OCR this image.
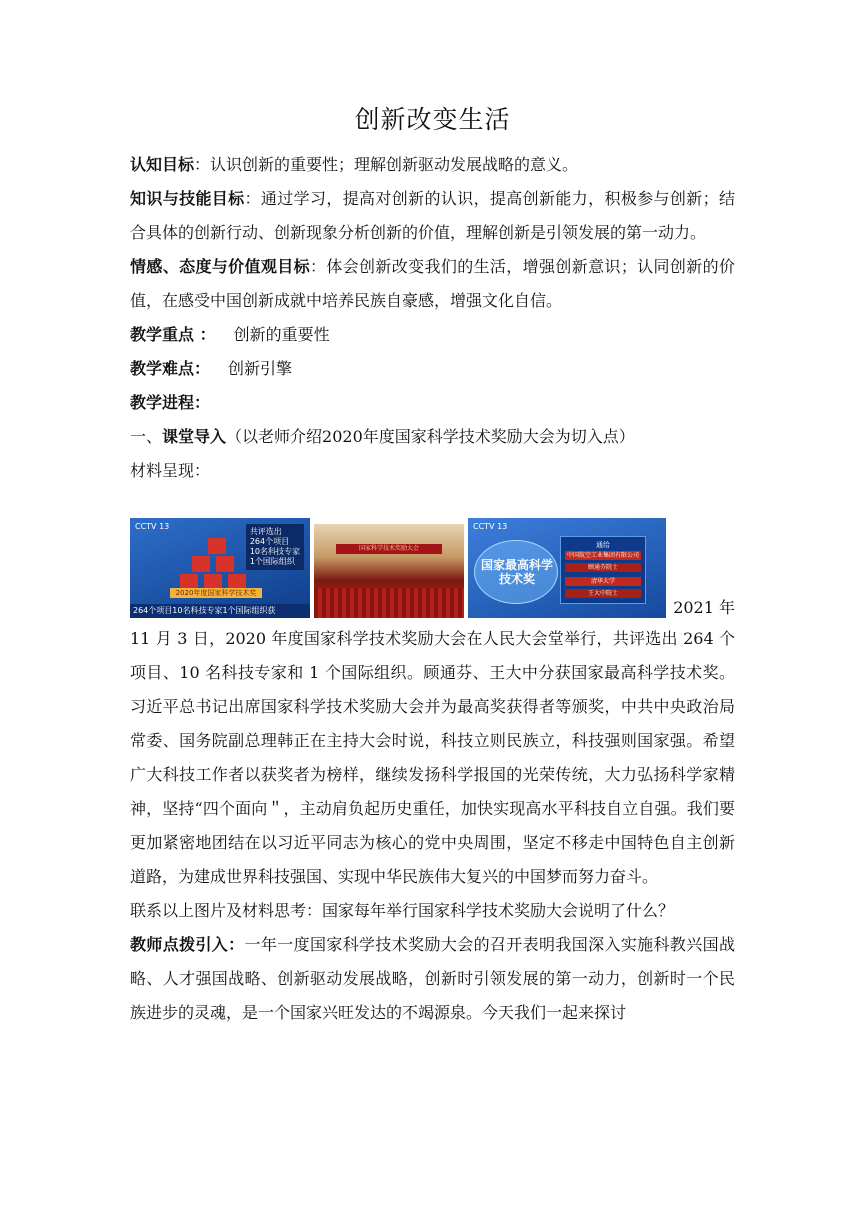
创新改变生活

认知目标：认识创新的重要性；理解创新驱动发展战略的意义。

知识与技能目标：通过学习，提高对创新的认识，提高创新能力，积极参与创新；结合具体的创新行动、创新现象分析创新的价值，理解创新是引领发展的第一动力。

情感、态度与价值观目标：体会创新改变我们的生活，增强创新意识；认同创新的价值，在感受中国创新成就中培养民族自豪感，增强文化自信。

教学重点 ： 创新的重要性

教学难点： 创新引擎

教学进程：

一、课堂导入（以老师介绍2020年度国家科学技术奖励大会为切入点）

材料呈现：

CCTV 13
共评选出
264个项目
10名科技专家
1个国际组织
2020年度国家科学技术奖
264个项目10名科技专家1个国际组织获
国家科学技术奖励大会
CCTV 13
国家最高科学技术奖
通给
中国航空工业集团有限公司
顾通芬院士
清华大学
王大中院士
2021 年

11 月 3 日，2020 年度国家科学技术奖励大会在人民大会堂举行，共评选出 264 个项目、10 名科技专家和 1 个国际组织。顾通芬、王大中分获国家最高科学技术奖。习近平总书记出席国家科学技术奖励大会并为最高奖获得者等颁奖，中共中央政治局常委、国务院副总理韩正在主持大会时说，科技立则民族立，科技强则国家强。希望广大科技工作者以获奖者为榜样，继续发扬科学报国的光荣传统，大力弘扬科学家精神，坚持“四个面向＂，主动肩负起历史重任，加快实现高水平科技自立自强。我们要更加紧密地团结在以习近平同志为核心的党中央周围，坚定不移走中国特色自主创新道路，为建成世界科技强国、实现中华民族伟大复兴的中国梦而努力奋斗。

联系以上图片及材料思考：国家每年举行国家科学技术奖励大会说明了什么？

教师点拨引入：一年一度国家科学技术奖励大会的召开表明我国深入实施科教兴国战略、人才强国战略、创新驱动发展战略，创新时引领发展的第一动力，创新时一个民族进步的灵魂，是一个国家兴旺发达的不竭源泉。今天我们一起来探讨
